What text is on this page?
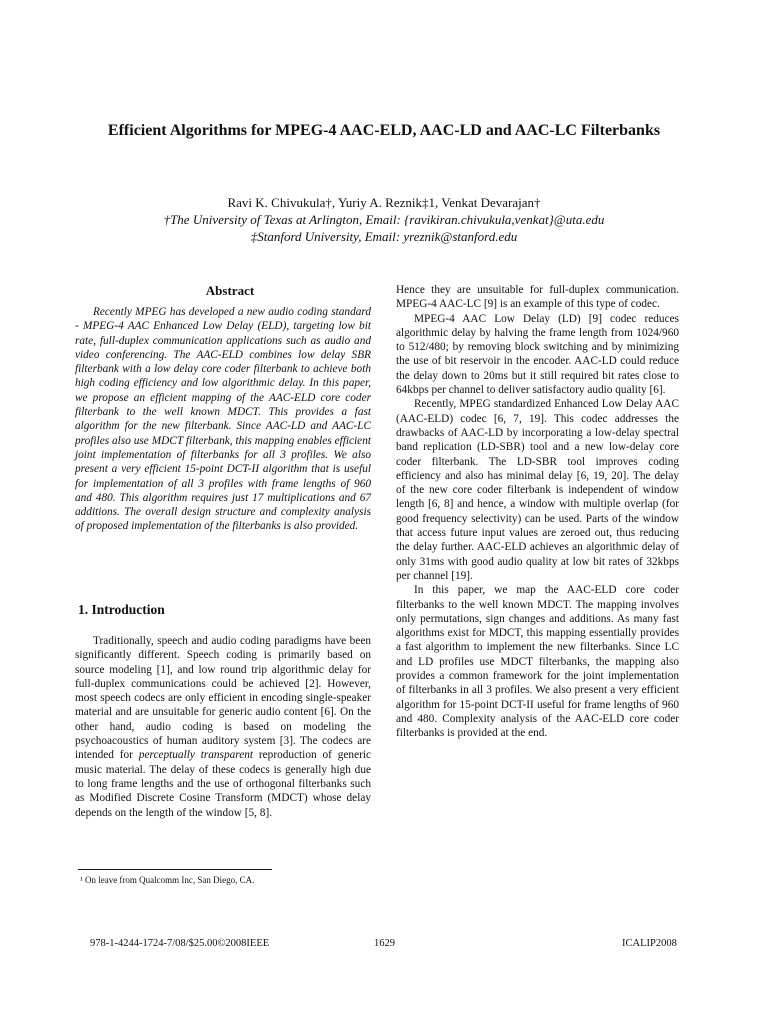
Efficient Algorithms for MPEG-4 AAC-ELD, AAC-LD and AAC-LC Filterbanks
Ravi K. Chivukula†, Yuriy A. Reznik‡1, Venkat Devarajan†
†The University of Texas at Arlington, Email: {ravikiran.chivukula,venkat}@uta.edu
‡Stanford University, Email: yreznik@stanford.edu
Abstract

Recently MPEG has developed a new audio coding standard - MPEG-4 AAC Enhanced Low Delay (ELD), targeting low bit rate, full-duplex communication applications such as audio and video conferencing. The AAC-ELD combines low delay SBR filterbank with a low delay core coder filterbank to achieve both high coding efficiency and low algorithmic delay. In this paper, we propose an efficient mapping of the AAC-ELD core coder filterbank to the well known MDCT. This provides a fast algorithm for the new filterbank. Since AAC-LD and AAC-LC profiles also use MDCT filterbank, this mapping enables efficient joint implementation of filterbanks for all 3 profiles. We also present a very efficient 15-point DCT-II algorithm that is useful for implementation of all 3 profiles with frame lengths of 960 and 480. This algorithm requires just 17 multiplications and 67 additions. The overall design structure and complexity analysis of proposed implementation of the filterbanks is also provided.

1. Introduction

Traditionally, speech and audio coding paradigms have been significantly different. Speech coding is primarily based on source modeling [1], and low round trip algorithmic delay for full-duplex communications could be achieved [2]. However, most speech codecs are only efficient in encoding single-speaker material and are unsuitable for generic audio content [6]. On the other hand, audio coding is based on modeling the psychoacoustics of human auditory system [3]. The codecs are intended for perceptually transparent reproduction of generic music material. The delay of these codecs is generally high due to long frame lengths and the use of orthogonal filterbanks such as Modified Discrete Cosine Transform (MDCT) whose delay depends on the length of the window [5, 8].

Hence they are unsuitable for full-duplex communication. MPEG-4 AAC-LC [9] is an example of this type of codec.

MPEG-4 AAC Low Delay (LD) [9] codec reduces algorithmic delay by halving the frame length from 1024/960 to 512/480; by removing block switching and by minimizing the use of bit reservoir in the encoder. AAC-LD could reduce the delay down to 20ms but it still required bit rates close to 64kbps per channel to deliver satisfactory audio quality [6].

Recently, MPEG standardized Enhanced Low Delay AAC (AAC-ELD) codec [6, 7, 19]. This codec addresses the drawbacks of AAC-LD by incorporating a low-delay spectral band replication (LD-SBR) tool and a new low-delay core coder filterbank. The LD-SBR tool improves coding efficiency and also has minimal delay [6, 19, 20]. The delay of the new core coder filterbank is independent of window length [6, 8] and hence, a window with multiple overlap (for good frequency selectivity) can be used. Parts of the window that access future input values are zeroed out, thus reducing the delay further. AAC-ELD achieves an algorithmic delay of only 31ms with good audio quality at low bit rates of 32kbps per channel [19].

In this paper, we map the AAC-ELD core coder filterbanks to the well known MDCT. The mapping involves only permutations, sign changes and additions. As many fast algorithms exist for MDCT, this mapping essentially provides a fast algorithm to implement the new filterbanks. Since LC and LD profiles use MDCT filterbanks, the mapping also provides a common framework for the joint implementation of filterbanks in all 3 profiles. We also present a very efficient algorithm for 15-point DCT-II useful for frame lengths of 960 and 480. Complexity analysis of the AAC-ELD core coder filterbanks is provided at the end.

¹ On leave from Qualcomm Inc, San Diego, CA.
978-1-4244-1724-7/08/$25.00©2008IEEE	1629	ICALIP2008
